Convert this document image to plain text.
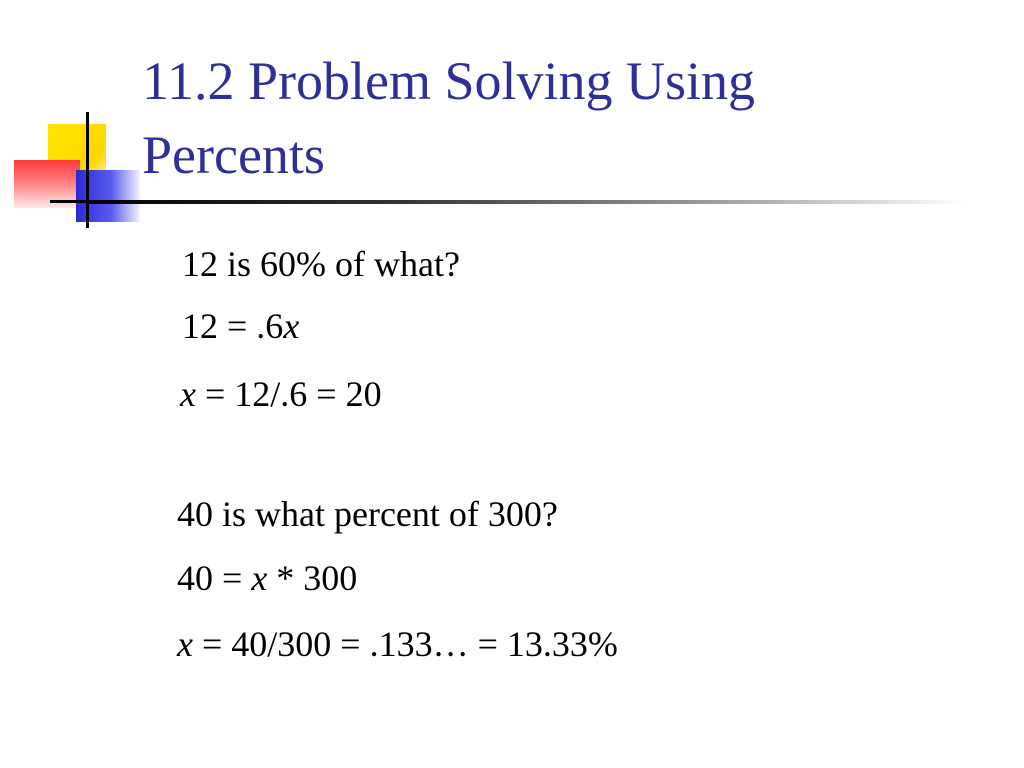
11.2 Problem Solving Using
Percents

12 is 60% of what?

12 = .6x

x = 12/.6 = 20

40 is what percent of 300?

40 = x * 300

x = 40/300 = .133… = 13.33%
